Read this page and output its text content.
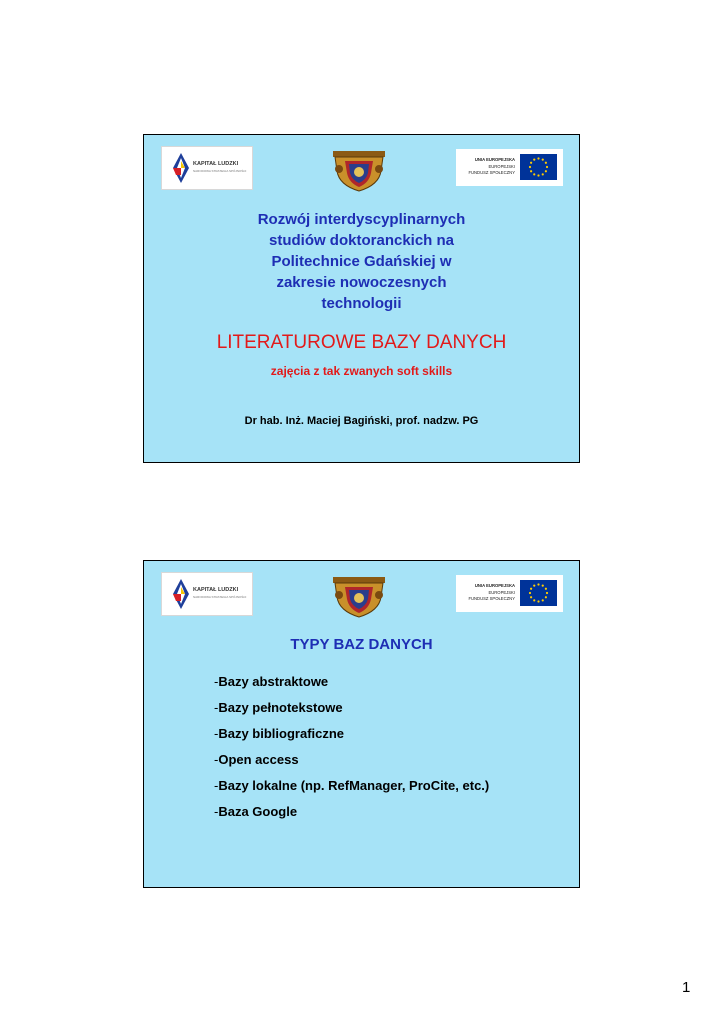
KAPITAŁ LUDZKI
NARODOWA STRATEGIA SPÓJNOŚCI
UNIA EUROPEJSKA
EUROPEJSKI
FUNDUSZ SPOŁECZNY
Rozwój interdyscyplinarnych
studiów doktoranckich na
Politechnice Gdańskiej w
zakresie nowoczesnych
technologii
LITERATUROWE BAZY DANYCH
zajęcia z tak zwanych soft skills
Dr hab. Inż. Maciej Bagiński, prof. nadzw. PG
KAPITAŁ LUDZKI
NARODOWA STRATEGIA SPÓJNOŚCI
UNIA EUROPEJSKA
EUROPEJSKI
FUNDUSZ SPOŁECZNY
TYPY BAZ DANYCH
-Bazy abstraktowe
-Bazy pełnotekstowe
-Bazy bibliograficzne
-Open access
-Bazy lokalne (np. RefManager, ProCite, etc.)
-Baza Google
1
